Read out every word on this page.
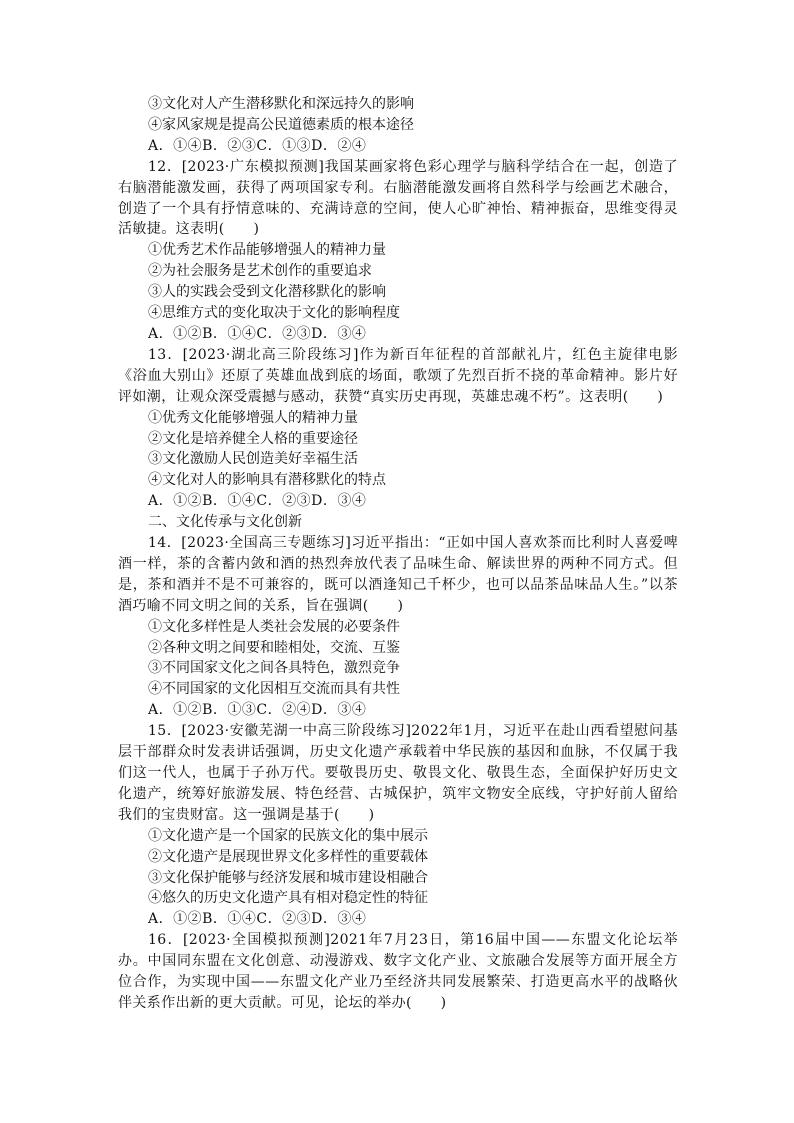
③文化对人产生潜移默化和深远持久的影响
④家风家规是提高公民道德素质的根本途径
A．①④B．②③C．①③D．②④
12．[2023·广东模拟预测]我国某画家将色彩心理学与脑科学结合在一起，创造了右脑潜能激发画，获得了两项国家专利。右脑潜能激发画将自然科学与绘画艺术融合，创造了一个具有抒情意味的、充满诗意的空间，使人心旷神怡、精神振奋，思维变得灵活敏捷。这表明(　　)
①优秀艺术作品能够增强人的精神力量
②为社会服务是艺术创作的重要追求
③人的实践会受到文化潜移默化的影响
④思维方式的变化取决于文化的影响程度
A．①②B．①④C．②③D．③④
13．[2023·湖北高三阶段练习]作为新百年征程的首部献礼片，红色主旋律电影《浴血大别山》还原了英雄血战到底的场面，歌颂了先烈百折不挠的革命精神。影片好评如潮，让观众深受震撼与感动，获赞“真实历史再现，英雄忠魂不朽”。这表明(　　)
①优秀文化能够增强人的精神力量
②文化是培养健全人格的重要途径
③文化激励人民创造美好幸福生活
④文化对人的影响具有潜移默化的特点
A．①②B．①④C．②③D．③④
二、文化传承与文化创新
14．[2023·全国高三专题练习]习近平指出：“正如中国人喜欢茶而比利时人喜爱啤酒一样，茶的含蓄内敛和酒的热烈奔放代表了品味生命、解读世界的两种不同方式。但是，茶和酒并不是不可兼容的，既可以酒逢知己千杯少，也可以品茶品味品人生。”以茶酒巧喻不同文明之间的关系，旨在强调(　　)
①文化多样性是人类社会发展的必要条件
②各种文明之间要和睦相处，交流、互鉴
③不同国家文化之间各具特色，激烈竞争
④不同国家的文化因相互交流而具有共性
A．①②B．①③C．②④D．③④
15．[2023·安徽芜湖一中高三阶段练习]2022年1月，习近平在赴山西看望慰问基层干部群众时发表讲话强调，历史文化遗产承载着中华民族的基因和血脉，不仅属于我们这一代人，也属于子孙万代。要敬畏历史、敬畏文化、敬畏生态，全面保护好历史文化遗产，统筹好旅游发展、特色经营、古城保护，筑牢文物安全底线，守护好前人留给我们的宝贵财富。这一强调是基于(　　)
①文化遗产是一个国家的民族文化的集中展示
②文化遗产是展现世界文化多样性的重要载体
③文化保护能够与经济发展和城市建设相融合
④悠久的历史文化遗产具有相对稳定性的特征
A．①②B．①④C．②③D．③④
16．[2023·全国模拟预测]2021年7月23日，第16届中国——东盟文化论坛举办。中国同东盟在文化创意、动漫游戏、数字文化产业、文旅融合发展等方面开展全方位合作，为实现中国——东盟文化产业乃至经济共同发展繁荣、打造更高水平的战略伙伴关系作出新的更大贡献。可见，论坛的举办(　　)
